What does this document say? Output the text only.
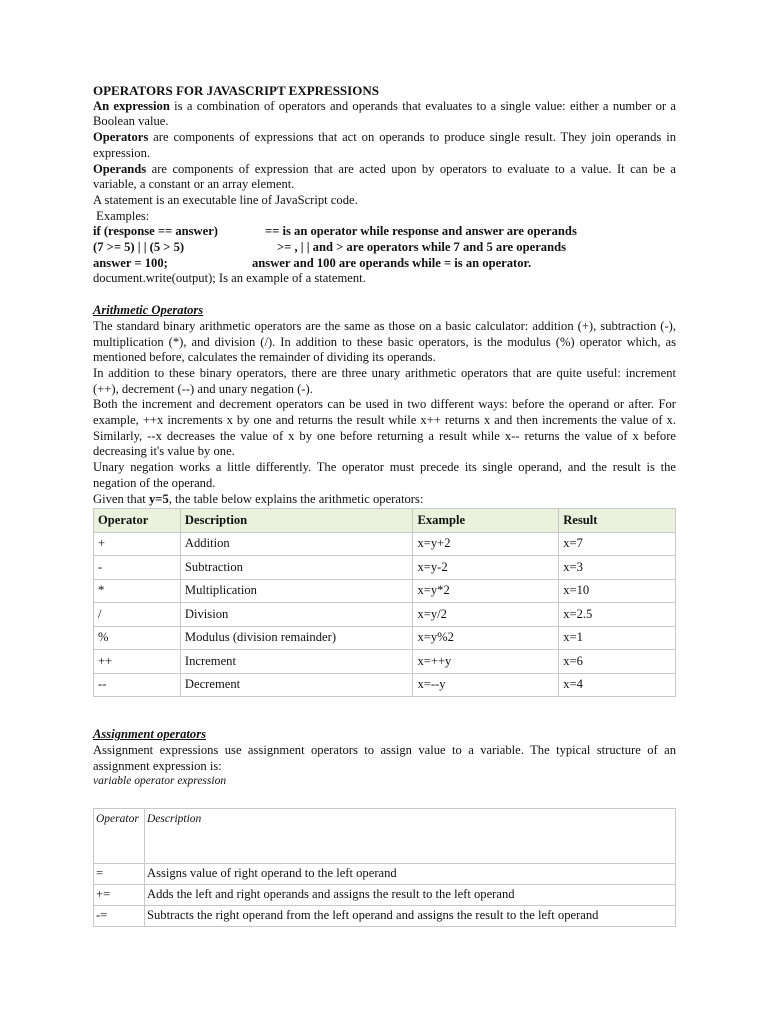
OPERATORS FOR JAVASCRIPT EXPRESSIONS

An expression is a combination of operators and operands that evaluates to a single value: either a number or a Boolean value.

Operators are components of expressions that act on operands to produce single result. They join operands in expression.

Operands are components of expression that are acted upon by operators to evaluate to a value. It can be a variable, a constant or an array element.

A statement is an executable line of JavaScript code.

Examples:

if (response == answer)	== is an operator while response and answer are operands
(7 >= 5) | | (5 > 5)	>= , | | and > are operators while 7 and 5 are operands
answer = 100;	answer and 100 are operands while = is an operator.

document.write(output); Is an example of a statement.

Arithmetic Operators

The standard binary arithmetic operators are the same as those on a basic calculator: addition (+), subtraction (-), multiplication (*), and division (/). In addition to these basic operators, is the modulus (%) operator which, as mentioned before, calculates the remainder of dividing its operands.

In addition to these binary operators, there are three unary arithmetic operators that are quite useful: increment (++), decrement (--) and unary negation (-).

Both the increment and decrement operators can be used in two different ways: before the operand or after. For example, ++x increments x by one and returns the result while x++ returns x and then increments the value of x. Similarly, --x decreases the value of x by one before returning a result while x-- returns the value of x before decreasing it's value by one.

Unary negation works a little differently. The operator must precede its single operand, and the result is the negation of the operand.

Given that y=5, the table below explains the arithmetic operators:

Operator	Description	Example	Result
+	Addition	x=y+2	x=7
-	Subtraction	x=y-2	x=3
*	Multiplication	x=y*2	x=10
/	Division	x=y/2	x=2.5
%	Modulus (division remainder)	x=y%2	x=1
++	Increment	x=++y	x=6
--	Decrement	x=--y	x=4

Assignment operators

Assignment expressions use assignment operators to assign value to a variable. The typical structure of an assignment expression is:

variable operator expression

Operator	Description
=	Assigns value of right operand to the left operand
+=	Adds the left and right operands and assigns the result to the left operand
-=	Subtracts the right operand from the left operand and assigns the result to the left operand
